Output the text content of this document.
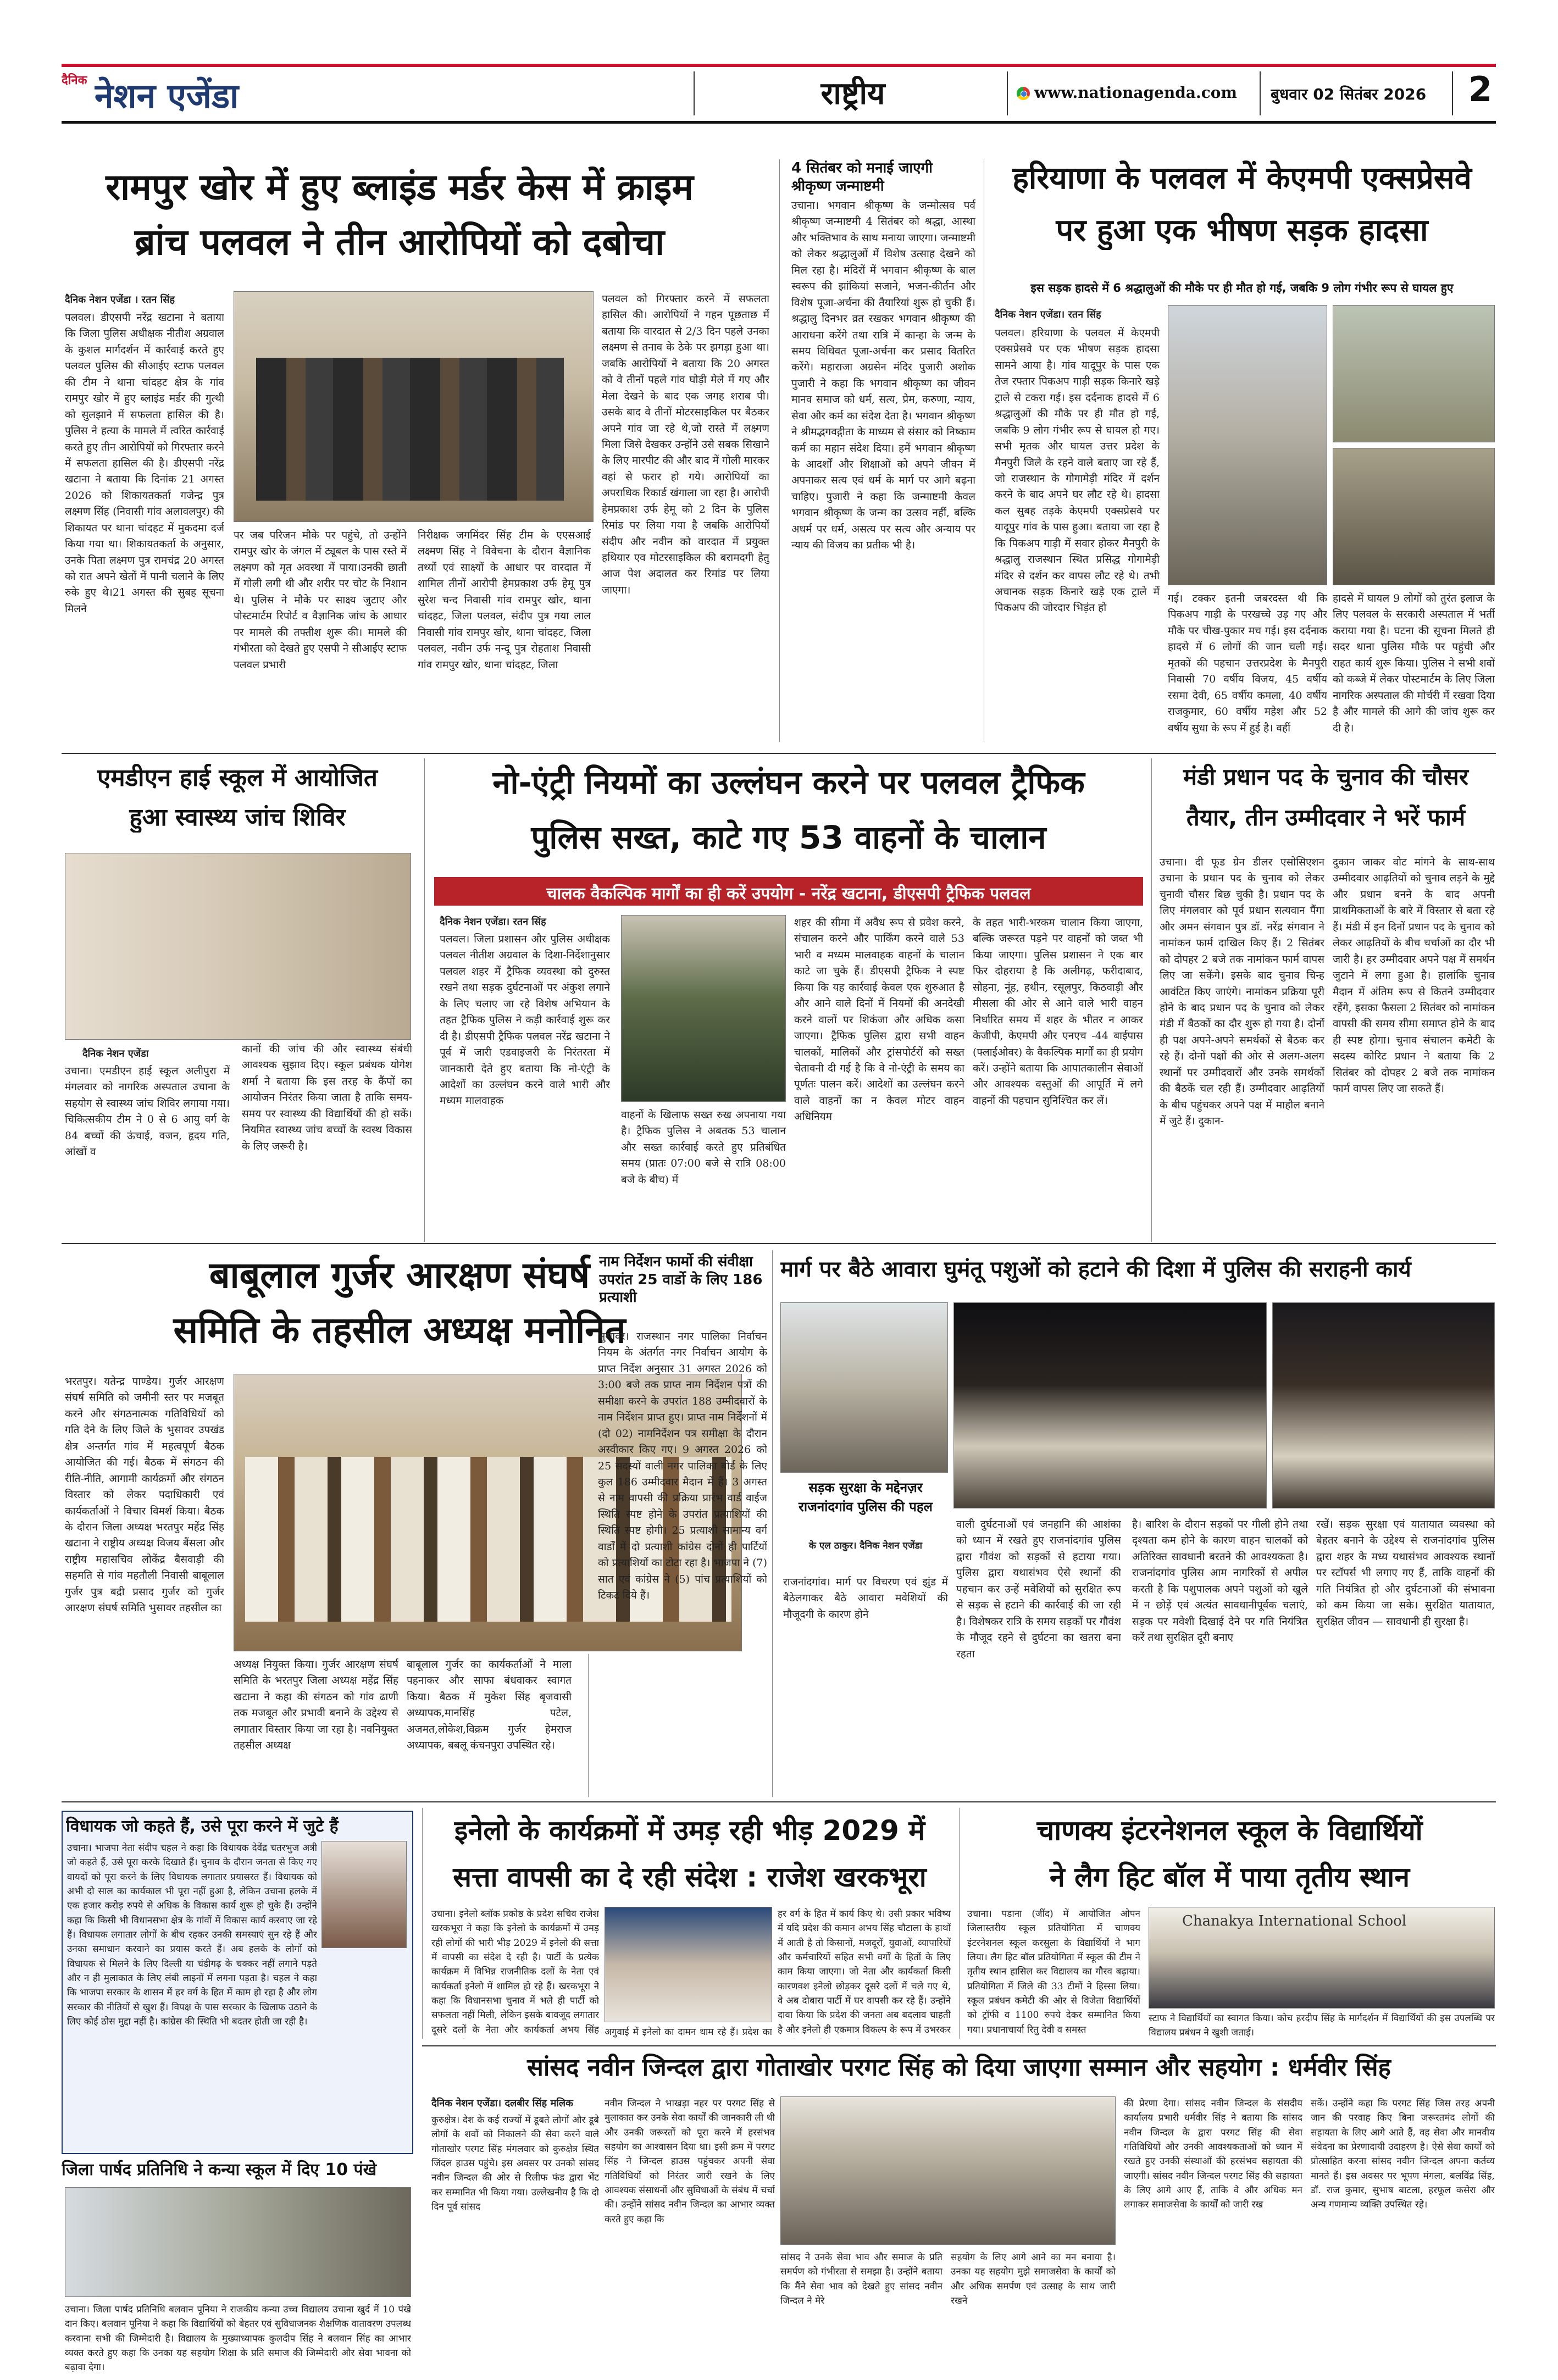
दैनिक नेशन एजेंडा	राष्ट्रीय	www.nationagenda.com बुधवार 02 सितंबर 2026 2
रामपुर खोर में हुए ब्लाइंड मर्डर केस में क्राइम
ब्रांच पलवल ने तीन आरोपियों को दबोचा
दैनिक नेशन एजेंडा । रतन सिंह
पलवल। डीएसपी नरेंद्र खटाना ने बताया कि जिला पुलिस अधीक्षक नीतीश अग्रवाल के कुशल मार्गदर्शन में कार्रवाई करते हुए पलवल पुलिस की सीआईए स्टाफ पलवल की टीम ने थाना चांदहट क्षेत्र के गांव रामपुर खोर में हुए ब्लाइंड मर्डर की गुत्थी को सुलझाने में सफलता हासिल की है। पुलिस ने हत्या के मामले में त्वरित कार्रवाई करते हुए तीन आरोपियों को गिरफ्तार करने में सफलता हासिल की है। डीएसपी नरेंद्र खटाना ने बताया कि दिनांक 21 अगस्त 2026 को शिकायतकर्ता गजेन्द्र पुत्र लक्ष्मण सिंह (निवासी गांव अलावलपुर) की शिकायत पर थाना चांदहट में मुकदमा दर्ज किया गया था। शिकायतकर्ता के अनुसार, उनके पिता लक्ष्मण पुत्र रामचंद्र 20 अगस्त को रात अपने खेतों में पानी चलाने के लिए रुके हुए थे।21 अगस्त की सुबह सूचना मिलने
पर जब परिजन मौके पर पहुंचे, तो उन्होंने रामपुर खोर के जंगल में ट्यूबल के पास रस्ते में लक्ष्मण को मृत अवस्था में पाया।उनकी छाती में गोली लगी थी और शरीर पर चोट के निशान थे। पुलिस ने मौके पर साक्ष्य जुटाए और पोस्टमार्टम रिपोर्ट व वैज्ञानिक जांच के आधार पर मामले की तफ्तीश शुरू की। मामले की गंभीरता को देखते हुए एसपी ने सीआईए स्टाफ पलवल प्रभारी
निरीक्षक जगमिंदर सिंह टीम के एएसआई लक्ष्मण सिंह ने विवेचना के दौरान वैज्ञानिक तथ्यों एवं साक्ष्यों के आधार पर वारदात में शामिल तीनों आरोपी हेमप्रकाश उर्फ हेमू पुत्र सुरेश चन्द निवासी गांव रामपुर खोर, थाना चांदहट, जिला पलवल, संदीप पुत्र गया लाल निवासी गांव रामपुर खोर, थाना चांदहट, जिला पलवल, नवीन उर्फ नन्दू पुत्र रोहताश निवासी गांव रामपुर खोर, थाना चांदहट, जिला
पलवल को गिरफ्तार करने में सफलता हासिल की। आरोपियों ने गहन पूछताछ में बताया कि वारदात से 2/3 दिन पहले उनका लक्ष्मण से तनाव के ठेके पर झगड़ा हुआ था। जबकि आरोपियों ने बताया कि 20 अगस्त को वे तीनों पहले गांव घोड़ी मेले में गए और मेला देखने के बाद एक जगह शराब पी। उसके बाद वे तीनों मोटरसाइकिल पर बैठकर अपने गांव जा रहे थे,जो रास्ते में लक्ष्मण मिला जिसे देखकर उन्होंने उसे सबक सिखाने के लिए मारपीट की और बाद में गोली मारकर वहां से फरार हो गये। आरोपियों का अपराधिक रिकार्ड खंगाला जा रहा है। आरोपी हेमप्रकाश उर्फ हेमू को 2 दिन के पुलिस रिमांड पर लिया गया है जबकि आरोपियों संदीप और नवीन को वारदात में प्रयुक्त हथियार एव मोटरसाइकिल की बरामदगी हेतु आज पेश अदालत कर रिमांड पर लिया जाएगा।
4 सितंबर को मनाई जाएगी श्रीकृष्ण जन्माष्टमी
उचाना। भगवान श्रीकृष्ण के जन्मोत्सव पर्व श्रीकृष्ण जन्माष्टमी 4 सितंबर को श्रद्धा, आस्था और भक्तिभाव के साथ मनाया जाएगा। जन्माष्टमी को लेकर श्रद्धालुओं में विशेष उत्साह देखने को मिल रहा है। मंदिरों में भगवान श्रीकृष्ण के बाल स्वरूप की झांकियां सजाने, भजन-कीर्तन और विशेष पूजा-अर्चना की तैयारियां शुरू हो चुकी हैं। श्रद्धालु दिनभर व्रत रखकर भगवान श्रीकृष्ण की आराधना करेंगे तथा रात्रि में कान्हा के जन्म के समय विधिवत पूजा-अर्चना कर प्रसाद वितरित करेंगे। महाराजा अग्रसेन मंदिर पुजारी अशोक पुजारी ने कहा कि भगवान श्रीकृष्ण का जीवन मानव समाज को धर्म, सत्य, प्रेम, करुणा, न्याय, सेवा और कर्म का संदेश देता है। भगवान श्रीकृष्ण ने श्रीमद्भगवद्गीता के माध्यम से संसार को निष्काम कर्म का महान संदेश दिया। हमें भगवान श्रीकृष्ण के आदर्शों और शिक्षाओं को अपने जीवन में अपनाकर सत्य एवं धर्म के मार्ग पर आगे बढ़ना चाहिए। पुजारी ने कहा कि जन्माष्टमी केवल भगवान श्रीकृष्ण के जन्म का उत्सव नहीं, बल्कि अधर्म पर धर्म, असत्य पर सत्य और अन्याय पर न्याय की विजय का प्रतीक भी है।
हरियाणा के पलवल में केएमपी एक्सप्रेसवे
पर हुआ एक भीषण सड़क हादसा
इस सड़क हादसे में 6 श्रद्धालुओं की मौके पर ही मौत हो गई, जबकि 9 लोग गंभीर रूप से घायल हुए
दैनिक नेशन एजेंडा। रतन सिंह
पलवल। हरियाणा के पलवल में केएमपी एक्सप्रेसवे पर एक भीषण सड़क हादसा सामने आया है। गांव यादूपुर के पास एक तेज रफ्तार पिकअप गाड़ी सड़क किनारे खड़े ट्राले से टकरा गई। इस दर्दनाक हादसे में 6 श्रद्धालुओं की मौके पर ही मौत हो गई, जबकि 9 लोग गंभीर रूप से घायल हो गए। सभी मृतक और घायल उत्तर प्रदेश के मैनपुरी जिले के रहने वाले बताए जा रहे हैं, जो राजस्थान के गोगामेड़ी मंदिर में दर्शन करने के बाद अपने घर लौट रहे थे। हादसा कल सुबह तड़के केएमपी एक्सप्रेसवे पर यादूपुर गांव के पास हुआ। बताया जा रहा है कि पिकअप गाड़ी में सवार होकर मैनपुरी के श्रद्धालु राजस्थान स्थित प्रसिद्ध गोगामेड़ी मंदिर से दर्शन कर वापस लौट रहे थे। तभी अचानक सड़क किनारे खड़े एक ट्राले में पिकअप की जोरदार भिड़ंत हो
गई। टक्कर इतनी जबरदस्त थी कि पिकअप गाड़ी के परखच्चे उड़ गए और मौके पर चीख-पुकार मच गई। इस दर्दनाक हादसे में 6 लोगों की जान चली गई। मृतकों की पहचान उत्तरप्रदेश के मैनपुरी निवासी 70 वर्षीय विजय, 45 वर्षीय रसमा देवी, 65 वर्षीय कमला, 40 वर्षीय राजकुमार, 60 वर्षीय महेश और 52 वर्षीय सुधा के रूप में हुई है। वहीं
हादसे में घायल 9 लोगों को तुरंत इलाज के लिए पलवल के सरकारी अस्पताल में भर्ती कराया गया है। घटना की सूचना मिलते ही सदर थाना पुलिस मौके पर पहुंची और राहत कार्य शुरू किया। पुलिस ने सभी शवों को कब्जे में लेकर पोस्टमार्टम के लिए जिला नागरिक अस्पताल की मोर्चरी में रखवा दिया है और मामले की आगे की जांच शुरू कर दी है।
एमडीएन हाई स्कूल में आयोजित
हुआ स्वास्थ्य जांच शिविर
दैनिक नेशन एजेंडा
उचाना। एमडीएन हाई स्कूल अलीपुरा में मंगलवार को नागरिक अस्पताल उचाना के सहयोग से स्वास्थ्य जांच शिविर लगाया गया। चिकित्सकीय टीम ने 0 से 6 आयु वर्ग के 84 बच्चों की ऊंचाई, वजन, हृदय गति, आंखों व
कानों की जांच की और स्वास्थ्य संबंधी आवश्यक सुझाव दिए। स्कूल प्रबंधक योगेश शर्मा ने बताया कि इस तरह के कैंपों का आयोजन निरंतर किया जाता है ताकि समय-समय पर स्वास्थ्य की विद्यार्थियों की हो सकें। नियमित स्वास्थ्य जांच बच्चों के स्वस्थ विकास के लिए जरूरी है।
नो-एंट्री नियमों का उल्लंघन करने पर पलवल ट्रैफिक
पुलिस सख्त, काटे गए 53 वाहनों के चालान
चालक वैकल्पिक मार्गों का ही करें उपयोग - नरेंद्र खटाना, डीएसपी ट्रैफिक पलवल
दैनिक नेशन एजेंडा। रतन सिंह
पलवल। जिला प्रशासन और पुलिस अधीक्षक पलवल नीतीश अग्रवाल के दिशा-निर्देशानुसार पलवल शहर में ट्रैफिक व्यवस्था को दुरुस्त रखने तथा सड़क दुर्घटनाओं पर अंकुश लगाने के लिए चलाए जा रहे विशेष अभियान के तहत ट्रैफिक पुलिस ने कड़ी कार्रवाई शुरू कर दी है। डीएसपी ट्रैफिक पलवल नरेंद्र खटाना ने पूर्व में जारी एडवाइजरी के निरंतरता में जानकारी देते हुए बताया कि नो-एंट्री के आदेशों का उल्लंघन करने वाले भारी और मध्यम मालवाहक
वाहनों के खिलाफ सख्त रुख अपनाया गया है। ट्रैफिक पुलिस ने अबतक 53 चालान और सख्त कार्रवाई करते हुए प्रतिबंधित समय (प्रातः 07:00 बजे से रात्रि 08:00 बजे के बीच) में
शहर की सीमा में अवैध रूप से प्रवेश करने, संचालन करने और पार्किंग करने वाले 53 भारी व मध्यम मालवाहक वाहनों के चालान काटे जा चुके हैं। डीएसपी ट्रैफिक ने स्पष्ट किया कि यह कार्रवाई केवल एक शुरुआत है और आने वाले दिनों में नियमों की अनदेखी करने वालों पर शिकंजा और अधिक कसा जाएगा। ट्रैफिक पुलिस द्वारा सभी वाहन चालकों, मालिकों और ट्रांसपोर्टरों को सख्त चेतावनी दी गई है कि वे नो-एंट्री के समय का पूर्णतः पालन करें। आदेशों का उल्लंघन करने वाले वाहनों का न केवल मोटर वाहन अधिनियम
के तहत भारी-भरकम चालान किया जाएगा, बल्कि जरूरत पड़ने पर वाहनों को जब्त भी किया जाएगा। पुलिस प्रशासन ने एक बार फिर दोहराया है कि अलीगढ़, फरीदाबाद, सोहना, नूंह, हथीन, रसूलपुर, किठवाड़ी और मीसला की ओर से आने वाले भारी वाहन निर्धारित समय में शहर के भीतर न आकर केजीपी, केएमपी और एनएच -44 बाईपास (फ्लाईओवर) के वैकल्पिक मार्गों का ही प्रयोग करें। उन्होंने बताया कि आपातकालीन सेवाओं और आवश्यक वस्तुओं की आपूर्ति में लगे वाहनों की पहचान सुनिश्चित कर लें।
मंडी प्रधान पद के चुनाव की चौसर
तैयार, तीन उम्मीदवार ने भरें फार्म
उचाना। दी फूड ग्रेन डीलर एसोसिएशन उचाना के प्रधान पद के चुनाव को लेकर चुनावी चौसर बिछ चुकी है। प्रधान पद के लिए मंगलवार को पूर्व प्रधान सत्यवान पैंगा और अमन संगवान पुत्र डॉ. नरेंद्र संगवान ने नामांकन फार्म दाखिल किए हैं। 2 सितंबर को दोपहर 2 बजे तक नामांकन फार्म वापस लिए जा सकेंगे। इसके बाद चुनाव चिन्ह आवंटित किए जाएंगे। नामांकन प्रक्रिया पूरी होने के बाद प्रधान पद के चुनाव को लेकर मंडी में बैठकों का दौर शुरू हो गया है। दोनों ही पक्ष अपने-अपने समर्थकों से बैठक कर रहे हैं। दोनों पक्षों की ओर से अलग-अलग स्थानों पर उम्मीदवारों और उनके समर्थकों की बैठकें चल रही हैं। उम्मीदवार आढ़तियों के बीच पहुंचकर अपने पक्ष में माहौल बनाने में जुटे हैं। दुकान-
दुकान जाकर वोट मांगने के साथ-साथ उम्मीदवार आढ़तियों को चुनाव लड़ने के मुद्दे और प्रधान बनने के बाद अपनी प्राथमिकताओं के बारे में विस्तार से बता रहे हैं। मंडी में इन दिनों प्रधान पद के चुनाव को लेकर आढ़तियों के बीच चर्चाओं का दौर भी जारी है। हर उम्मीदवार अपने पक्ष में समर्थन जुटाने में लगा हुआ है। हालांकि चुनाव मैदान में अंतिम रूप से कितने उम्मीदवार रहेंगे, इसका फैसला 2 सितंबर को नामांकन वापसी की समय सीमा समाप्त होने के बाद ही स्पष्ट होगा। चुनाव संचालन कमेटी के सदस्य कोरिट प्रधान ने बताया कि 2 सितंबर को दोपहर 2 बजे तक नामांकन फार्म वापस लिए जा सकते हैं।
बाबूलाल गुर्जर आरक्षण संघर्ष
समिति के तहसील अध्यक्ष मनोनित
भरतपुर। यतेन्द्र पाण्डेय। गुर्जर आरक्षण संघर्ष समिति को जमीनी स्तर पर मजबूत करने और संगठनात्मक गतिविधियों को गति देने के लिए जिले के भुसावर उपखंड क्षेत्र अन्तर्गत गांव में महत्वपूर्ण बैठक आयोजित की गई। बैठक में संगठन की रीति-नीति, आगामी कार्यक्रमों और संगठन विस्तार को लेकर पदाधिकारी एवं कार्यकर्ताओं ने विचार विमर्श किया। बैठक के दौरान जिला अध्यक्ष भरतपुर महेंद्र सिंह खटाना ने राष्ट्रीय अध्यक्ष विजय बैंसला और राष्ट्रीय महासचिव लोकेंद्र बैसवाड़ी की सहमति से गांव महतौली निवासी बाबूलाल गुर्जर पुत्र बद्री प्रसाद गुर्जर को गुर्जर आरक्षण संघर्ष समिति भुसावर तहसील का
अध्यक्ष नियुक्त किया। गुर्जर आरक्षण संघर्ष समिति के भरतपुर जिला अध्यक्ष महेंद्र सिंह खटाना ने कहा की संगठन को गांव ढाणी तक मजबूत और प्रभावी बनाने के उद्देश्य से लगातार विस्तार किया जा रहा है। नवनियुक्त तहसील अध्यक्ष
बाबूलाल गुर्जर का कार्यकर्ताओं ने माला पहनाकर और साफा बंधवाकर स्वागत किया। बैठक में मुकेश सिंह बृजवासी अध्यापक,मानसिंह पटेल, अजमत,लोकेश,विक्रम गुर्जर हेमराज अध्यापक, बबलू कंचनपुरा उपस्थित रहे।
नाम निर्देशन फार्मो की संवीक्षा उपरांत 25 वार्डो के लिए 186 प्रत्याशी
मार्ग पर बैठे आवारा घुमंतू पशुओं को हटाने की दिशा में पुलिस की सराहनी कार्य
सड़क सुरक्षा के मद्देनज़र
राजनांदगांव पुलिस की पहल
के एल ठाकुर। दैनिक नेशन एजेंडा
राजनांदगांव। मार्ग पर विचरण एवं झुंड में बैठेलगाकर बैठे आवारा मवेशियों की मौजूदगी के कारण होने
वाली दुर्घटनाओं एवं जनहानि की आशंका को ध्यान में रखते हुए राजनांदगांव पुलिस द्वारा गौवंश को सड़कों से हटाया गया। पुलिस द्वारा यथासंभव ऐसे स्थानों की पहचान कर उन्हें मवेशियों को सुरक्षित रूप से सड़क से हटाने की कार्रवाई की जा रही है। विशेषकर रात्रि के समय सड़कों पर गौवंश के मौजूद रहने से दुर्घटना का खतरा बना रहता
है। बारिश के दौरान सड़कों पर गीली होने तथा दृश्यता कम होने के कारण वाहन चालकों को अतिरिक्त सावधानी बरतने की आवश्यकता है। राजनांदगांव पुलिस आम नागरिकों से अपील करती है कि पशुपालक अपने पशुओं को खुले में न छोड़ें एवं अत्यंत सावधानीपूर्वक चलाएं, सड़क पर मवेशी दिखाई देने पर गति नियंत्रित करें तथा सुरक्षित दूरी बनाए
रखें। सड़क सुरक्षा एवं यातायात व्यवस्था को बेहतर बनाने के उद्देश्य से राजनांदगांव पुलिस द्वारा शहर के मध्य यथासंभव आवश्यक स्थानों पर स्टॉपर्स भी लगाए गए हैं, ताकि वाहनों की गति नियंत्रित हो और दुर्घटनाओं की संभावना को कम किया जा सके। सुरक्षित यातायात, सुरक्षित जीवन — सावधानी ही सुरक्षा है।
भुसावर। राजस्थान नगर पालिका निर्वाचन नियम के अंतर्गत नगर निर्वाचन आयोग के प्राप्त निर्देश अनुसार 31 अगस्त 2026 को 3:00 बजे तक प्राप्त नाम निर्देशन पत्रों की समीक्षा करने के उपरांत 188 उम्मीदवारों के नाम निर्देशन प्राप्त हुए। प्राप्त नाम निर्देशनों में (दो 02) नामनिर्देशन पत्र समीक्षा के दौरान अस्वीकार किए गए। 9 अगस्त 2026 को 25 सदस्यों वाली नगर पालिका बोर्ड के लिए कुल 186 उम्मीदवार मैदान में हैं। 3 अगस्त से नाम वापसी की प्रक्रिया प्रारंभ वार्ड वाईज स्थिति स्पष्ट होने के उपरांत प्रत्याशियों की स्थिति स्पष्ट होगी। 25 प्रत्याशी सामान्य वर्ग वार्डों में दो प्रत्याशी कांग्रेस दोनों ही पार्टियों को प्रत्याशियों का टोटा रहा है। भाजपा ने (7) सात एवं कांग्रेस ने (5) पांच प्रत्याशियों को टिकट दिये हैं।
विधायक जो कहते हैं, उसे पूरा करने में जुटे हैं
उचाना। भाजपा नेता संदीप चहल ने कहा कि विधायक देवेंद्र चतरभुज अत्री जो कहते हैं, उसे पूरा करके दिखाते हैं। चुनाव के दौरान जनता से किए गए वायदों को पूरा करने के लिए विधायक लगातार प्रयासरत हैं। विधायक को अभी दो साल का कार्यकाल भी पूरा नहीं हुआ है, लेकिन उचाना हलके में एक हजार करोड़ रुपये से अधिक के विकास कार्य शुरू हो चुके हैं। उन्होंने कहा कि किसी भी विधानसभा क्षेत्र के गांवों में विकास कार्य करवाए जा रहे हैं। विधायक लगातार लोगों के बीच रहकर उनकी समस्याएं सुन रहे हैं और उनका समाधान करवाने का प्रयास करते हैं। अब हलके के लोगों को विधायक से मिलने के लिए दिल्ली या चंडीगढ़ के चक्कर नहीं लगाने पड़ते और न ही मुलाकात के लिए लंबी लाइनों में लगना पड़ता है। चहल ने कहा कि भाजपा सरकार के शासन में हर वर्ग के हित में काम हो रहा है और लोग सरकार की नीतियों से खुश हैं। विपक्ष के पास सरकार के खिलाफ उठाने के लिए कोई ठोस मुद्दा नहीं है। कांग्रेस की स्थिति भी बदतर होती जा रही है।
जिला पार्षद प्रतिनिधि ने कन्या स्कूल में दिए 10 पंखे
उचाना। जिला पार्षद प्रतिनिधि बलवान पूनिया ने राजकीय कन्या उच्च विद्यालय उचाना खुर्द में 10 पंखे दान किए। बलवान पूनिया ने कहा कि विद्यार्थियों को बेहतर एवं सुविधाजनक शैक्षणिक वातावरण उपलब्ध करवाना सभी की जिम्मेदारी है। विद्यालय के मुख्याध्यापक कुलदीप सिंह ने बलवान सिंह का आभार व्यक्त करते हुए कहा कि उनका यह सहयोग शिक्षा के प्रति समाज की जिम्मेदारी और सेवा भावना को बढ़ावा देगा।
इनेलो के कार्यक्रमों में उमड़ रही भीड़ 2029 में
सत्ता वापसी का दे रही संदेश : राजेश खरकभूरा
उचाना। इनेलो ब्लॉक प्रकोष्ठ के प्रदेश सचिव राजेश खरकभूरा ने कहा कि इनेलो के कार्यक्रमों में उमड़ रही लोगों की भारी भीड़ 2029 में इनेलो की सत्ता में वापसी का संदेश दे रही है। पार्टी के प्रत्येक कार्यक्रम में विभिन्न राजनीतिक दलों के नेता एवं कार्यकर्ता इनेलो में शामिल हो रहे हैं। खरकभूरा ने कहा कि विधानसभा चुनाव में भले ही पार्टी को सफलता नहीं मिली, लेकिन इसके बावजूद लगातार दूसरे दलों के नेता और कार्यकर्ता अभय सिंह अगुवाई में इनेलो का दामन थाम रहे हैं। प्रदेश का
हर वर्ग के हित में कार्य किए थे। उसी प्रकार भविष्य में यदि प्रदेश की कमान अभय सिंह चौटाला के हाथों में आती है तो किसानों, मजदूरों, युवाओं, व्यापारियों और कर्मचारियों सहित सभी वर्गों के हितों के लिए काम किया जाएगा। जो नेता और कार्यकर्ता किसी कारणवश इनेलो छोड़कर दूसरे दलों में चले गए थे, वे अब दोबारा पार्टी में घर वापसी कर रहे हैं। उन्होंने दावा किया कि प्रदेश की जनता अब बदलाव चाहती है और इनेलो ही एकमात्र विकल्प के रूप में उभरकर
चाणक्य इंटरनेशनल स्कूल के विद्यार्थियों
ने लैग हिट बॉल में पाया तृतीय स्थान
उचाना। पडाना (जींद) में आयोजित ओपन जिलास्तरीय स्कूल प्रतियोगिता में चाणक्य इंटरनेशनल स्कूल करसुला के विद्यार्थियों ने भाग लिया। लैग हिट बॉल प्रतियोगिता में स्कूल की टीम ने तृतीय स्थान हासिल कर विद्यालय का गौरव बढ़ाया। प्रतियोगिता में जिले की 33 टीमों ने हिस्सा लिया। स्कूल प्रबंधन कमेटी की ओर से विजेता विद्यार्थियों को ट्रॉफी व 1100 रुपये देकर सम्मानित किया गया। प्रधानाचार्या रितु देवी व समस्त
Chanakya International School
स्टाफ ने विद्यार्थियों का स्वागत किया। कोच हरदीप सिंह के मार्गदर्शन में विद्यार्थियों की इस उपलब्धि पर विद्यालय प्रबंधन ने खुशी जताई।
सांसद नवीन जिन्दल द्वारा गोताखोर परगट सिंह को दिया जाएगा सम्मान और सहयोग : धर्मवीर सिंह
दैनिक नेशन एजेंडा। दलबीर सिंह मलिक
कुरुक्षेत्र। देश के कई राज्यों में डूबते लोगों और डूबे लोगों के शवों को निकालने की सेवा करने वाले गोताखोर परगट सिंह मंगलवार को कुरुक्षेत्र स्थित जिंदल हाउस पहुंचे। इस अवसर पर उनको सांसद नवीन जिन्दल की ओर से रिलीफ फंड द्वारा भेंट कर सम्मानित भी किया गया। उल्लेखनीय है कि दो दिन पूर्व सांसद
नवीन जिन्दल ने भाखड़ा नहर पर परगट सिंह से मुलाकात कर उनके सेवा कार्यों की जानकारी ली थी और उनकी जरूरतों को पूरा करने में हरसंभव सहयोग का आश्वासन दिया था। इसी क्रम में परगट सिंह ने जिन्दल हाउस पहुंचकर अपनी सेवा गतिविधियों को निरंतर जारी रखने के लिए आवश्यक संसाधनों और सुविधाओं के संबंध में चर्चा की। उन्होंने सांसद नवीन जिन्दल का आभार व्यक्त करते हुए कहा कि
सांसद ने उनके सेवा भाव और समाज के प्रति समर्पण को गंभीरता से समझा है। उन्होंने बताया कि मैंने सेवा भाव को देखते हुए सांसद नवीन जिन्दल ने मेरे
सहयोग के लिए आगे आने का मन बनाया है। उनका यह सहयोग मुझे समाजसेवा के कार्यों को और अधिक समर्पण एवं उत्साह के साथ जारी रखने
की प्रेरणा देगा। सांसद नवीन जिन्दल के संसदीय कार्यालय प्रभारी धर्मवीर सिंह ने बताया कि सांसद नवीन जिन्दल के द्वारा परगट सिंह की सेवा गतिविधियों और उनकी आवश्यकताओं को ध्यान में रखते हुए उनकी संस्थाओं की हरसंभव सहायता की जाएगी। सांसद नवीन जिन्दल परगट सिंह की सहायता के लिए आगे आए हैं, ताकि वे और अधिक मन लगाकर समाजसेवा के कार्यों को जारी रख
सकें। उन्होंने कहा कि परगट सिंह जिस तरह अपनी जान की परवाह किए बिना जरूरतमंद लोगों की सहायता के लिए आगे आते हैं, वह सेवा और मानवीय संवेदना का प्रेरणादायी उदाहरण है। ऐसे सेवा कार्यों को प्रोत्साहित करना सांसद नवीन जिन्दल अपना कर्तव्य मानते हैं। इस अवसर पर भूपण मंगला, बलविंद्र सिंह, डॉ. राज कुमार, सुभाष बाटला, हरफूल कसेरा और अन्य गणमान्य व्यक्ति उपस्थित रहे।
